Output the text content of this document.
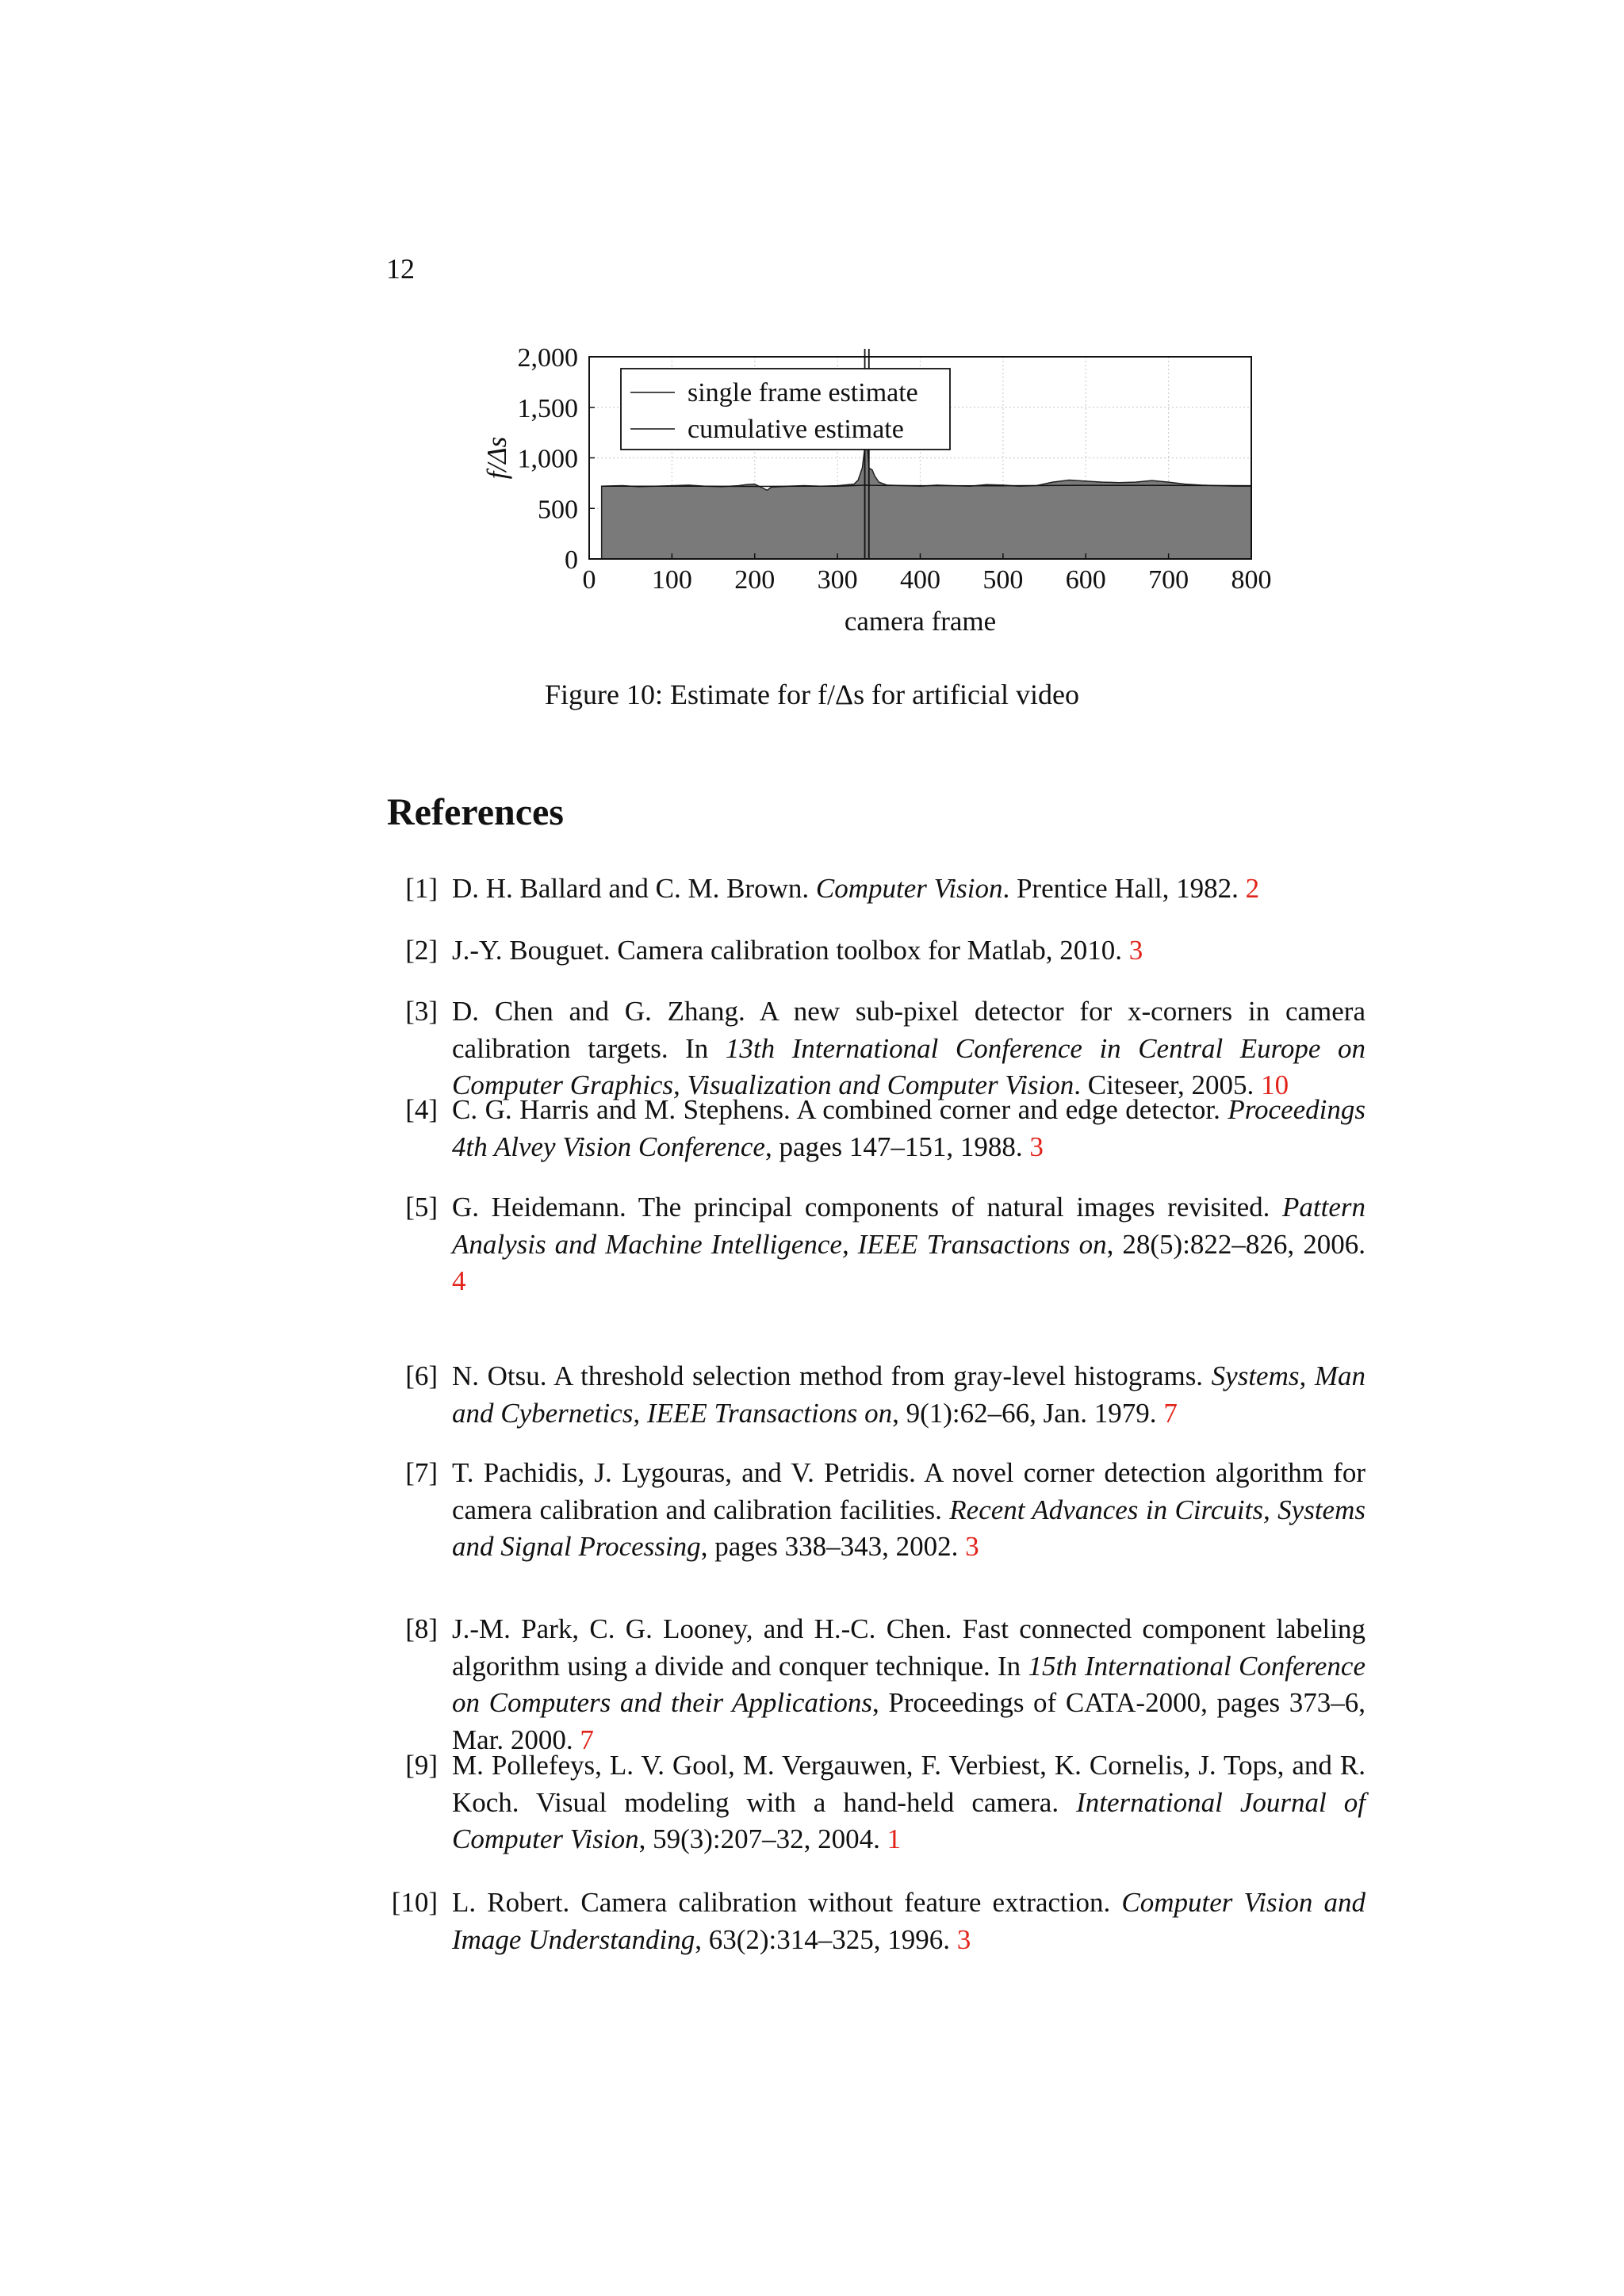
12
0 100 200 300 400 500 600 700 800
0
500
1,000
1,500
2,000
camera frame
f/Δs
single frame estimate
cumulative estimate
Figure 10: Estimate for f/Δs for artificial video
References
[1] D. H. Ballard and C. M. Brown. Computer Vision. Prentice Hall, 1982. 2
[2] J.-Y. Bouguet. Camera calibration toolbox for Matlab, 2010. 3
[3] D. Chen and G. Zhang. A new sub-pixel detector for x-corners in camera calibration targets. In 13th International Conference in Central Europe on Computer Graphics, Visualization and Computer Vision. Citeseer, 2005. 10
[4] C. G. Harris and M. Stephens. A combined corner and edge detector. Proceedings 4th Alvey Vision Conference, pages 147–151, 1988. 3
[5] G. Heidemann. The principal components of natural images revisited. Pattern Analysis and Machine Intelligence, IEEE Transactions on, 28(5):822–826, 2006. 4
[6] N. Otsu. A threshold selection method from gray-level histograms. Systems, Man and Cybernetics, IEEE Transactions on, 9(1):62–66, Jan. 1979. 7
[7] T. Pachidis, J. Lygouras, and V. Petridis. A novel corner detection algorithm for camera calibration and calibration facilities. Recent Advances in Circuits, Systems and Signal Processing, pages 338–343, 2002. 3
[8] J.-M. Park, C. G. Looney, and H.-C. Chen. Fast connected component labeling algorithm using a divide and conquer technique. In 15th International Conference on Computers and their Applications, Proceedings of CATA-2000, pages 373–6, Mar. 2000. 7
[9] M. Pollefeys, L. V. Gool, M. Vergauwen, F. Verbiest, K. Cornelis, J. Tops, and R. Koch. Visual modeling with a hand-held camera. International Journal of Computer Vision, 59(3):207–32, 2004. 1
[10] L. Robert. Camera calibration without feature extraction. Computer Vision and Image Understanding, 63(2):314–325, 1996. 3
